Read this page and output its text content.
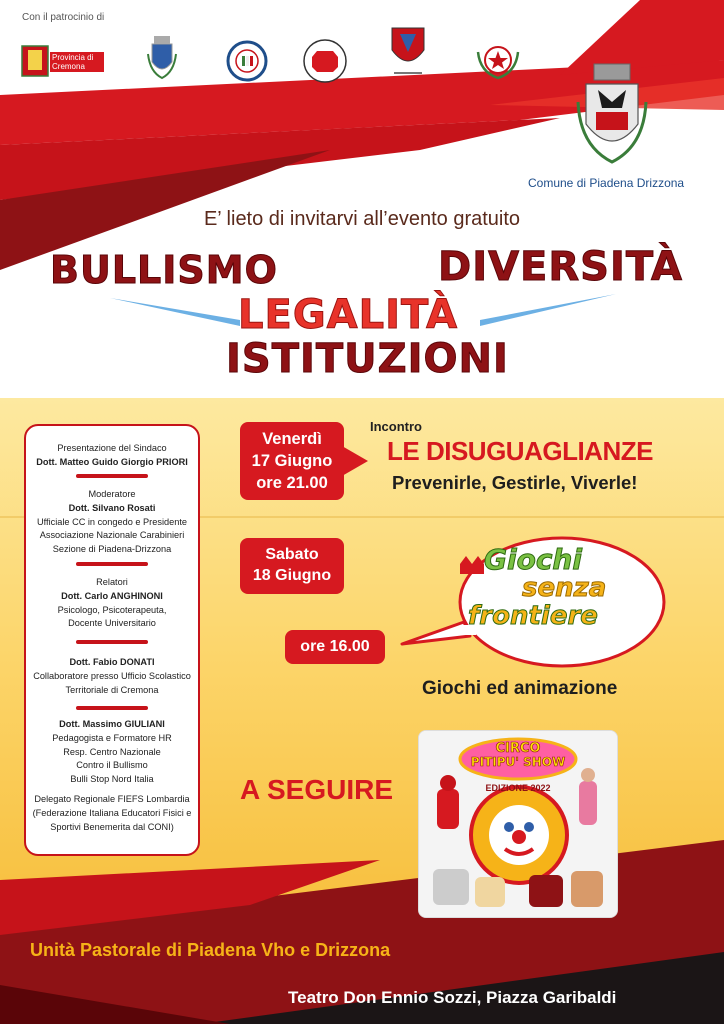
Con il patrocinio di
Provincia di Cremona
Comune di Piadena Drizzona
E’ lieto di invitarvi all’evento gratuito
BULLISMO	DIVERSITÀ
LEGALITÀ
ISTITUZIONI
Presentazione del Sindaco
Dott. Matteo Guido Giorgio PRIORI
Moderatore
Dott. Silvano Rosati
Ufficiale CC in congedo e Presidente
Associazione Nazionale Carabinieri
Sezione di Piadena-Drizzona
Relatori
Dott. Carlo ANGHINONI
Psicologo, Psicoterapeuta,
Docente Universitario
Dott. Fabio DONATI
Collaboratore presso Ufficio Scolastico
Territoriale di Cremona
Dott. Massimo GIULIANI
Pedagogista e Formatore HR
Resp. Centro Nazionale
Contro il Bullismo
Bulli Stop Nord Italia
Delegato Regionale FIEFS Lombardia
(Federazione Italiana Educatori Fisici e
Sportivi Benemerita dal CONI)
Venerdì
17 Giugno
ore 21.00
Incontro
LE DISUGUAGLIANZE
Prevenirle, Gestirle, Viverle!
Sabato
18 Giugno
ore 16.00
Giochi
senza
frontiere
Giochi ed animazione
A SEGUIRE
CIRCO
PITIPU' SHOW
EDIZIONE 2022
Unità Pastorale di Piadena Vho e Drizzona
Teatro Don Ennio Sozzi, Piazza Garibaldi
